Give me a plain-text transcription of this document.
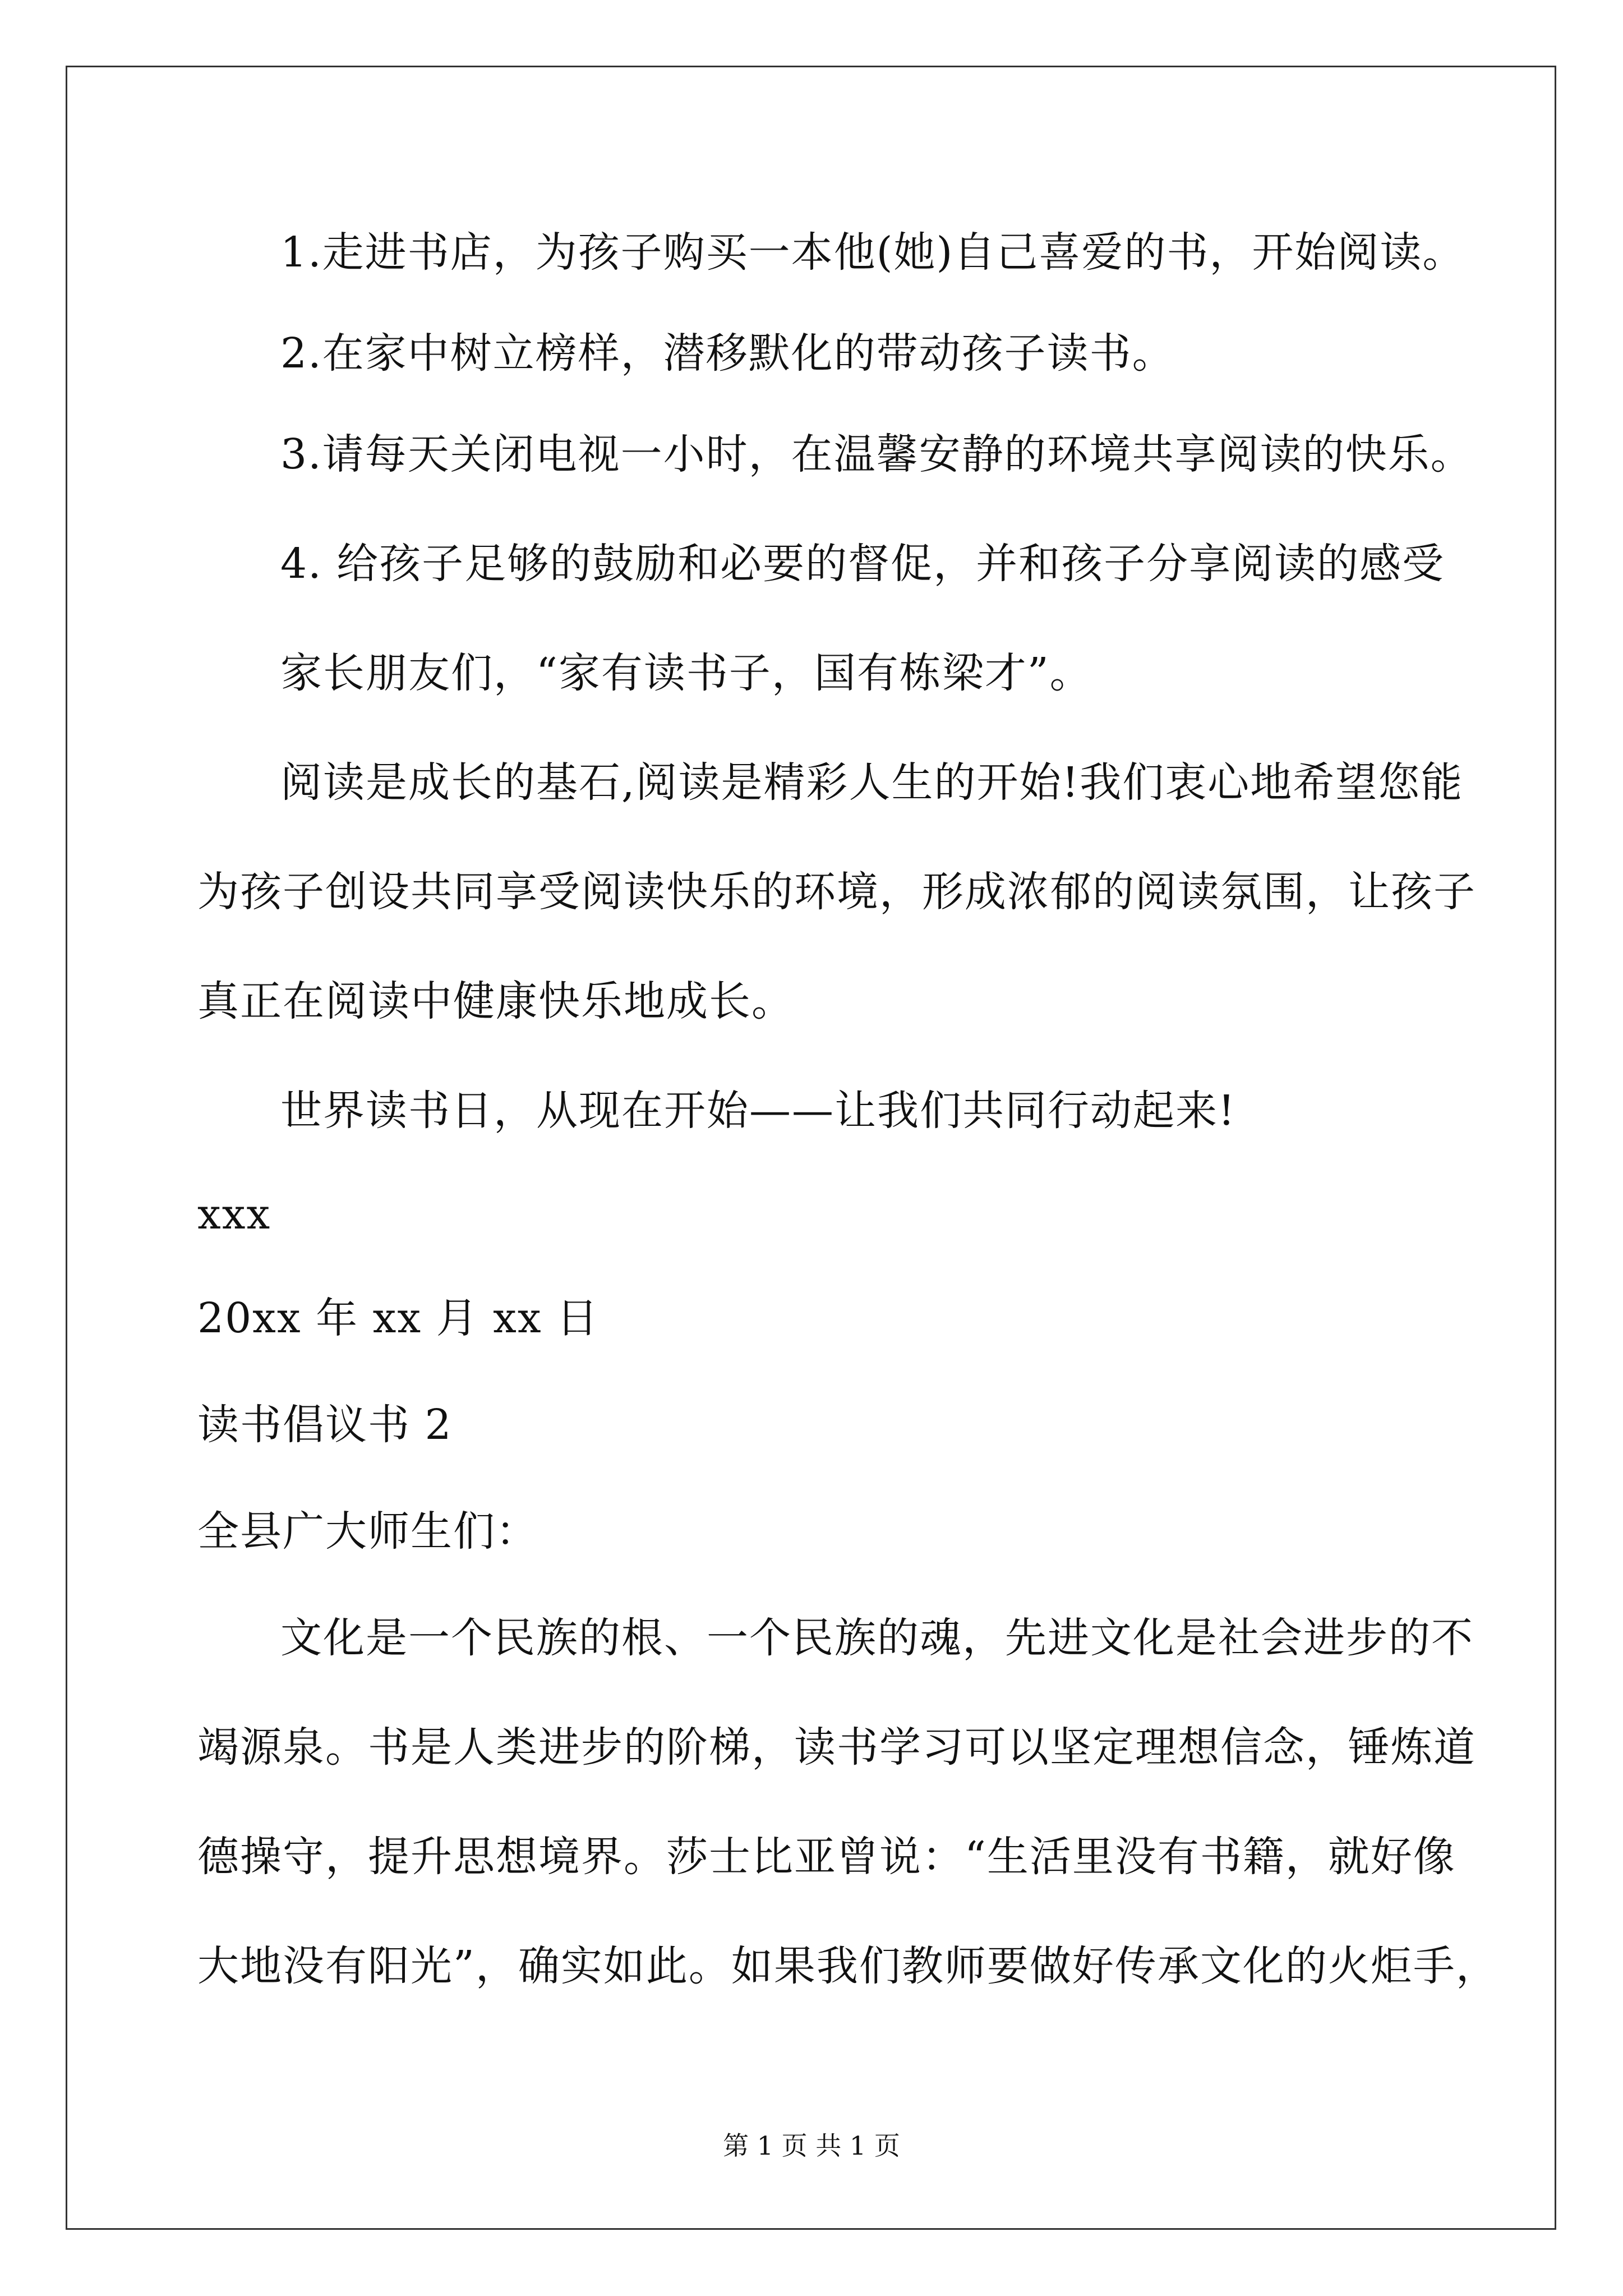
1.走进书店，为孩子购买一本他(她)自己喜爱的书，开始阅读。
2.在家中树立榜样，潜移默化的带动孩子读书。
3.请每天关闭电视一小时，在温馨安静的环境共享阅读的快乐。
4. 给孩子足够的鼓励和必要的督促，并和孩子分享阅读的感受
家长朋友们，“家有读书子，国有栋梁才”。
阅读是成长的基石,阅读是精彩人生的开始!我们衷心地希望您能
为孩子创设共同享受阅读快乐的环境，形成浓郁的阅读氛围，让孩子
真正在阅读中健康快乐地成长。
世界读书日，从现在开始——让我们共同行动起来!
xxx
20xx 年 xx 月 xx 日
读书倡议书 2
全县广大师生们：
文化是一个民族的根、一个民族的魂，先进文化是社会进步的不
竭源泉。书是人类进步的阶梯，读书学习可以坚定理想信念，锤炼道
德操守，提升思想境界。莎士比亚曾说：“生活里没有书籍，就好像
大地没有阳光”，确实如此。如果我们教师要做好传承文化的火炬手，
第 1 页 共 1 页
